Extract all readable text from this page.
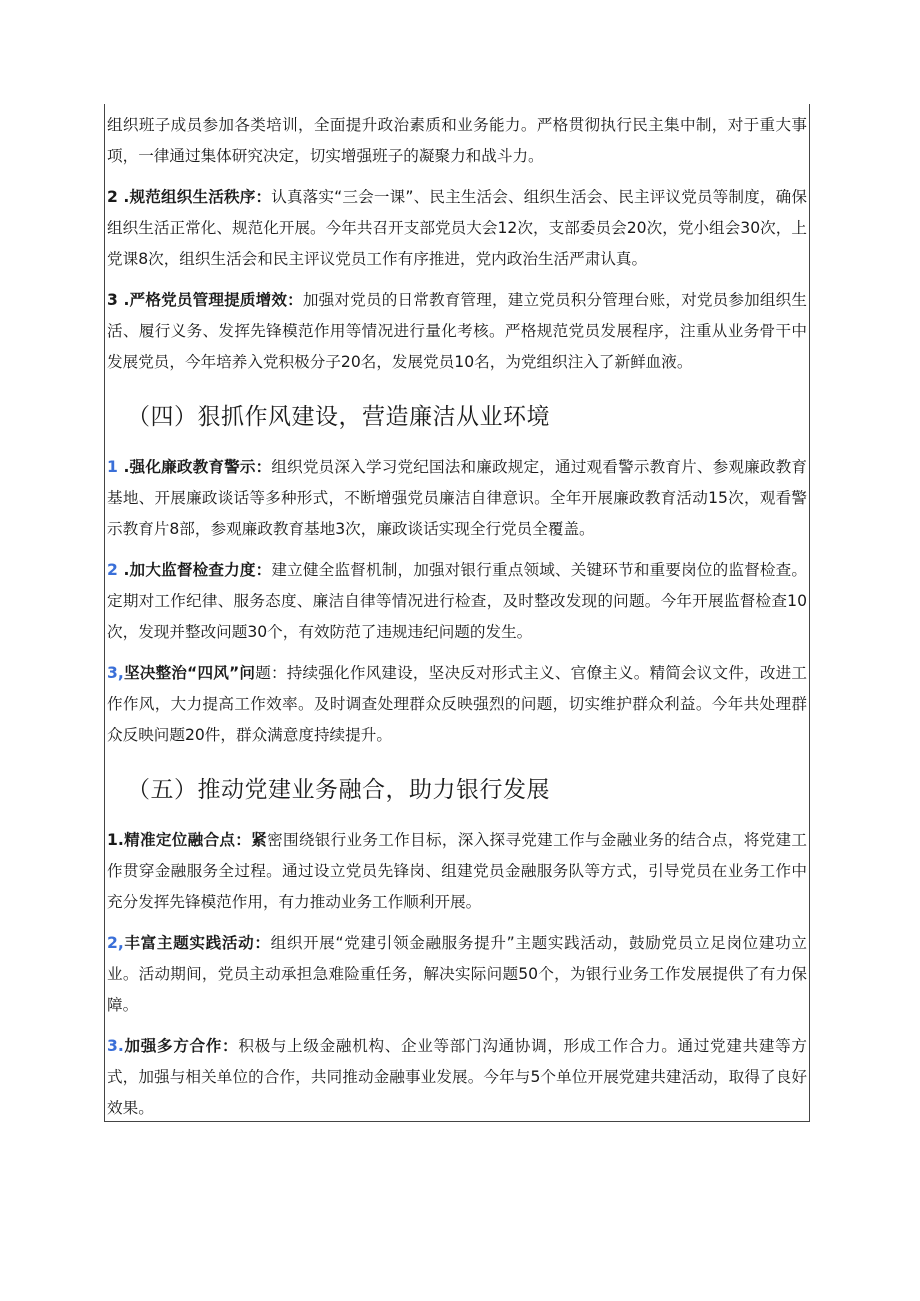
组织班子成员参加各类培训，全面提升政治素质和业务能力。严格贯彻执行民主集中制，对于重大事项，一律通过集体研究决定，切实增强班子的凝聚力和战斗力。

2 .规范组织生活秩序：认真落实“三会一课”、民主生活会、组织生活会、民主评议党员等制度，确保组织生活正常化、规范化开展。今年共召开支部党员大会12次，支部委员会20次，党小组会30次，上党课8次，组织生活会和民主评议党员工作有序推进，党内政治生活严肃认真。

3 .严格党员管理提质增效：加强对党员的日常教育管理，建立党员积分管理台账，对党员参加组织生活、履行义务、发挥先锋模范作用等情况进行量化考核。严格规范党员发展程序，注重从业务骨干中发展党员，今年培养入党积极分子20名，发展党员10名，为党组织注入了新鲜血液。

（四）狠抓作风建设，营造廉洁从业环境

1 .强化廉政教育警示：组织党员深入学习党纪国法和廉政规定，通过观看警示教育片、参观廉政教育基地、开展廉政谈话等多种形式，不断增强党员廉洁自律意识。全年开展廉政教育活动15次，观看警示教育片8部，参观廉政教育基地3次，廉政谈话实现全行党员全覆盖。

2 .加大监督检查力度：建立健全监督机制，加强对银行重点领域、关键环节和重要岗位的监督检查。定期对工作纪律、服务态度、廉洁自律等情况进行检查，及时整改发现的问题。今年开展监督检查10次，发现并整改问题30个，有效防范了违规违纪问题的发生。

3,坚决整治“四风”问题：持续强化作风建设，坚决反对形式主义、官僚主义。精简会议文件，改进工作作风，大力提高工作效率。及时调查处理群众反映强烈的问题，切实维护群众利益。今年共处理群众反映问题20件，群众满意度持续提升。

（五）推动党建业务融合，助力银行发展

1.精准定位融合点：紧密围绕银行业务工作目标，深入探寻党建工作与金融业务的结合点，将党建工作贯穿金融服务全过程。通过设立党员先锋岗、组建党员金融服务队等方式，引导党员在业务工作中充分发挥先锋模范作用，有力推动业务工作顺利开展。

2,丰富主题实践活动：组织开展“党建引领金融服务提升”主题实践活动，鼓励党员立足岗位建功立业。活动期间，党员主动承担急难险重任务，解决实际问题50个，为银行业务工作发展提供了有力保障。

3.加强多方合作：积极与上级金融机构、企业等部门沟通协调，形成工作合力。通过党建共建等方式，加强与相关单位的合作，共同推动金融事业发展。今年与5个单位开展党建共建活动，取得了良好效果。
